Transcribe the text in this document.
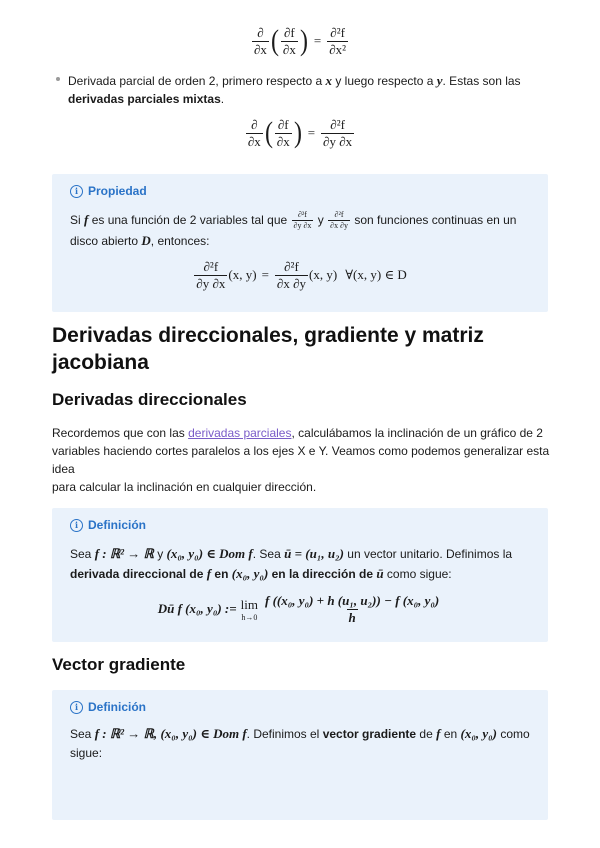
$\frac{\partial}{\partial x}$ ( $\frac{\partial f}{\partial x}$ ) = $\frac{\text{∂²f}}{\text{∂x²}}$
Derivada parcial de orden 2, primero respecto a x y luego respecto a y. Estas son las derivadas parciales mixtas.
$\frac{\partial}{\partial x}$ ( $\frac{\partial f}{\partial x}$ ) = $\frac{\text{∂²f}}{\partial y \partial x}$
i Propiedad
Si f es una función de 2 variables tal que $\frac{\text{∂²f}}{\partial y \partial x}$ y $\frac{\text{∂²f}}{\partial x \partial y}$ son funciones continuas en un
disco abierto D, entonces:
$\frac{\text{∂²f}}{\partial y \partial x} (x$, $y) = \frac{\text{∂²f}}{\partial x \partial y} (x$, y) ∀(x, y) ∈ D
Derivadas direccionales, gradiente y matriz jacobiana
Derivadas direccionales
Recordemos que con las derivadas parciales, calculábamos la inclinación de un gráfico de 2 variables haciendo cortes paralelos a los ejes X e Y. Veamos como podemos generalizar esta idea
para calcular la inclinación en cualquier dirección.
i Definición
Sea f : ℝ² → ℝ y (x₀, y₀) ∈ Dom f. Sea ū = (u₁, u₂) un vector unitario. Definimos la
derivada direccional de f en (x₀, y₀) en la dirección de ū como sigue:
Dū f (x₀, y₀) := lim
$h\to 0 \frac{\text{f ((x₀, y₀) + h (u₁, u₂)) − f (x₀, y₀)}}{h}$
Vector gradiente
i Definición
Sea f : ℝ² → ℝ, (x₀, y₀) ∈ Dom f. Definimos el vector gradiente de f en (x₀, y₀) como
sigue:
